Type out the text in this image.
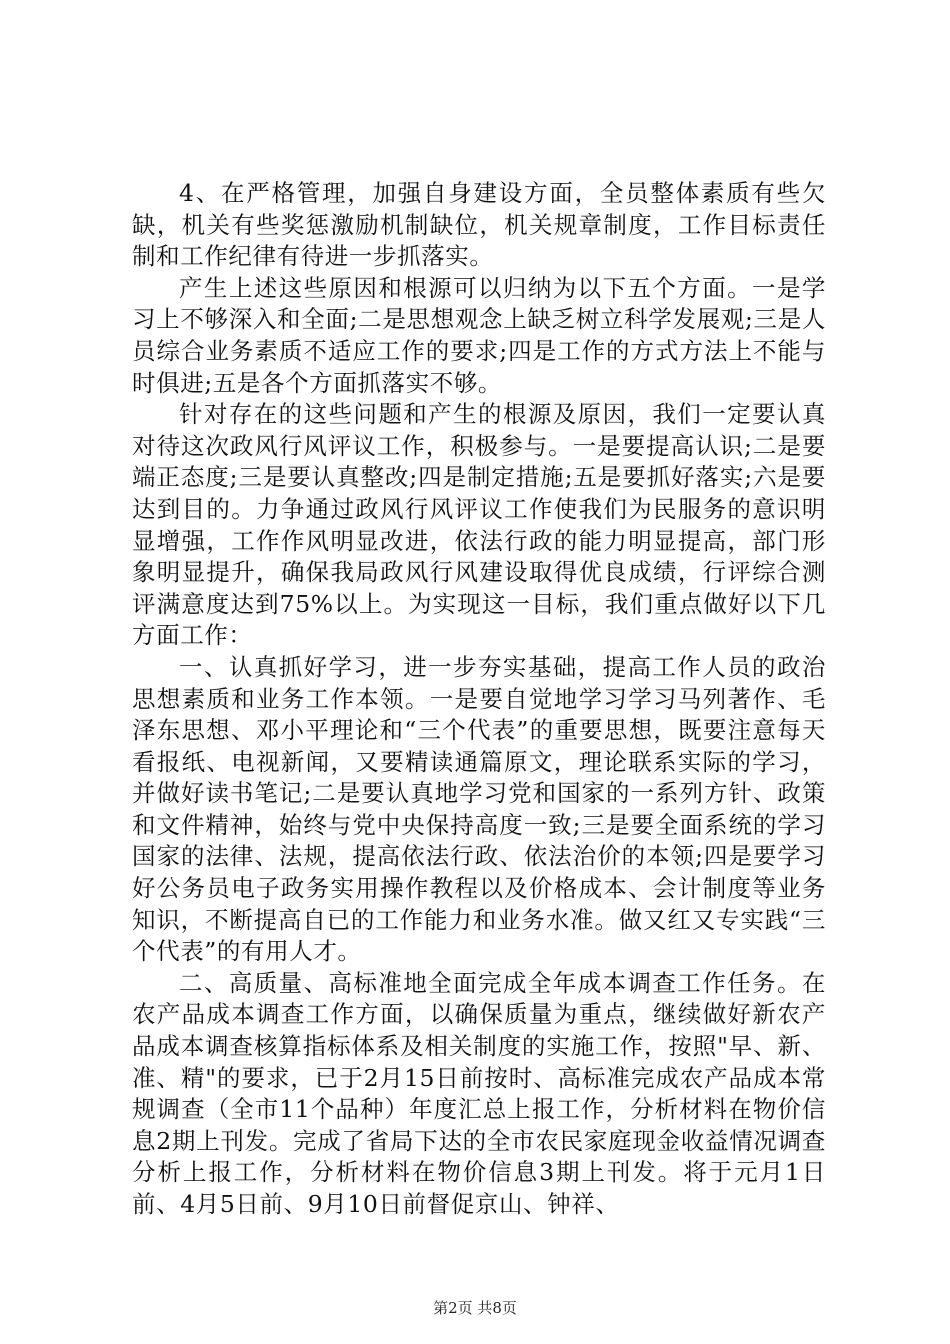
4、在严格管理，加强自身建设方面，全员整体素质有些欠缺，机关有些奖惩激励机制缺位，机关规章制度，工作目标责任制和工作纪律有待进一步抓落实。

产生上述这些原因和根源可以归纳为以下五个方面。一是学习上不够深入和全面;二是思想观念上缺乏树立科学发展观;三是人员综合业务素质不适应工作的要求;四是工作的方式方法上不能与时俱进;五是各个方面抓落实不够。

针对存在的这些问题和产生的根源及原因，我们一定要认真对待这次政风行风评议工作，积极参与。一是要提高认识;二是要端正态度;三是要认真整改;四是制定措施;五是要抓好落实;六是要达到目的。力争通过政风行风评议工作使我们为民服务的意识明显增强，工作作风明显改进，依法行政的能力明显提高，部门形象明显提升，确保我局政风行风建设取得优良成绩，行评综合测评满意度达到75%以上。为实现这一目标，我们重点做好以下几方面工作：

一、认真抓好学习，进一步夯实基础，提高工作人员的政治思想素质和业务工作本领。一是要自觉地学习学习马列著作、毛泽东思想、邓小平理论和“三个代表”的重要思想，既要注意每天看报纸、电视新闻，又要精读通篇原文，理论联系实际的学习，并做好读书笔记;二是要认真地学习党和国家的一系列方针、政策和文件精神，始终与党中央保持高度一致;三是要全面系统的学习国家的法律、法规，提高依法行政、依法治价的本领;四是要学习好公务员电子政务实用操作教程以及价格成本、会计制度等业务知识，不断提高自已的工作能力和业务水准。做又红又专实践“三个代表”的有用人才。

二、高质量、高标准地全面完成全年成本调查工作任务。在农产品成本调查工作方面，以确保质量为重点，继续做好新农产品成本调查核算指标体系及相关制度的实施工作，按照"早、新、准、精"的要求，已于2月15日前按时、高标准完成农产品成本常规调查（全市11个品种）年度汇总上报工作，分析材料在物价信息2期上刊发。完成了省局下达的全市农民家庭现金收益情况调查分析上报工作，分析材料在物价信息3期上刊发。将于元月1日前、4月5日前、9月10日前督促京山、钟祥、

第2页 共8页
